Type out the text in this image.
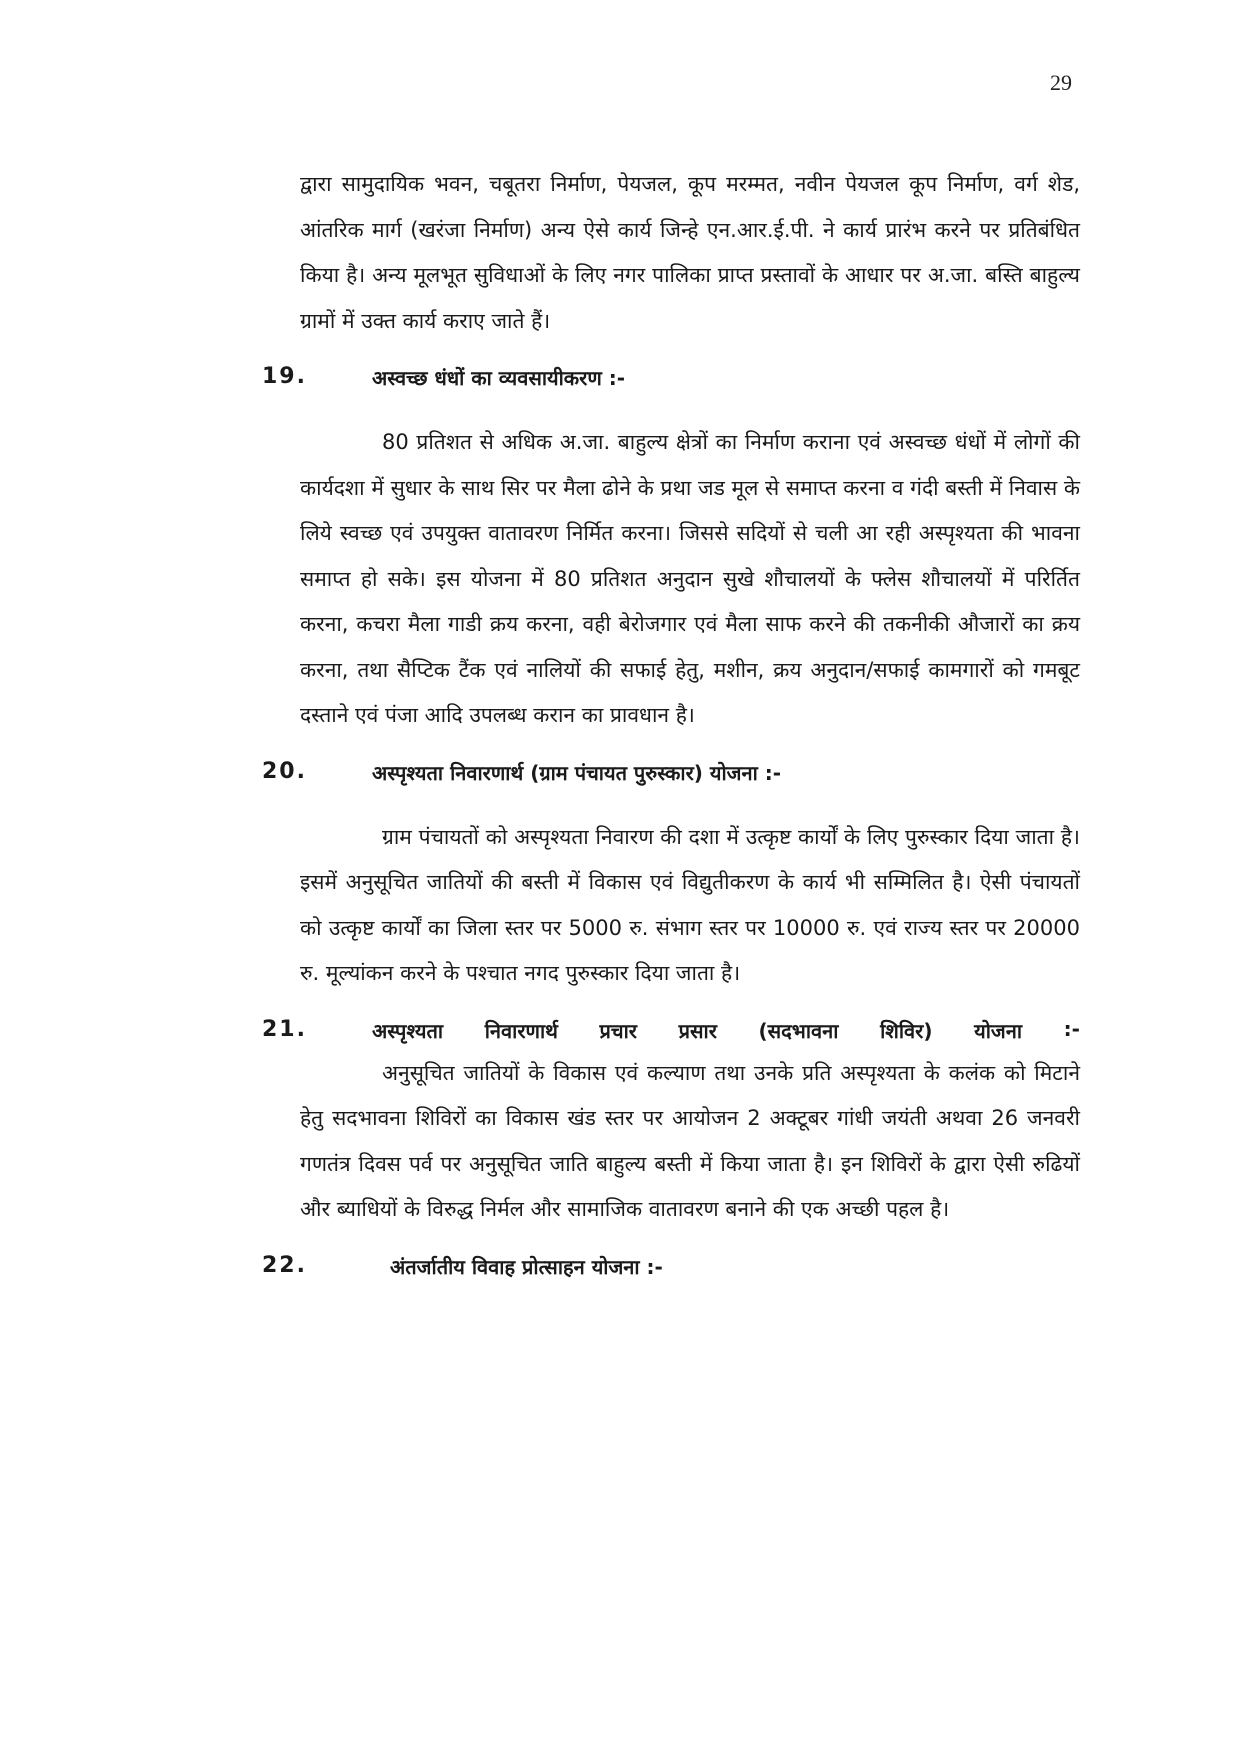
29

द्वारा सामुदायिक भवन, चबूतरा निर्माण, पेयजल, कूप मरम्मत, नवीन पेयजल कूप निर्माण, वर्ग शेड, आंतरिक मार्ग (खरंजा निर्माण) अन्य ऐसे कार्य जिन्हे एन.आर.ई.पी. ने कार्य प्रारंभ करने पर प्रतिबंधित किया है। अन्य मूलभूत सुविधाओं के लिए नगर पालिका प्राप्त प्रस्तावों के आधार पर अ.जा. बस्ति बाहुल्य ग्रामों में उक्त कार्य कराए जाते हैं।

19.	अस्वच्छ धंधों का व्यवसायीकरण :-

80 प्रतिशत से अधिक अ.जा. बाहुल्य क्षेत्रों का निर्माण कराना एवं अस्वच्छ धंधों में लोगों की कार्यदशा में सुधार के साथ सिर पर मैला ढोने के प्रथा जड मूल से समाप्त करना व गंदी बस्ती में निवास के लिये स्वच्छ एवं उपयुक्त वातावरण निर्मित करना। जिससे सदियों से चली आ रही अस्पृश्यता की भावना समाप्त हो सके। इस योजना में 80 प्रतिशत अनुदान सुखे शौचालयों के फ्लेस शौचालयों में परिर्तित करना, कचरा मैला गाडी क्रय करना, वही बेरोजगार एवं मैला साफ करने की तकनीकी औजारों का क्रय करना, तथा सैप्टिक टैंक एवं नालियों की सफाई हेतु, मशीन, क्रय अनुदान/सफाई कामगारों को गमबूट दस्ताने एवं पंजा आदि उपलब्ध करान का प्रावधान है।

20.	अस्पृश्यता निवारणार्थ (ग्राम पंचायत पुरुस्कार) योजना :-

ग्राम पंचायतों को अस्पृश्यता निवारण की दशा में उत्कृष्ट कार्यों के लिए पुरुस्कार दिया जाता है। इसमें अनुसूचित जातियों की बस्ती में विकास एवं विद्युतीकरण के कार्य भी सम्मिलित है। ऐसी पंचायतों को उत्कृष्ट कार्यों का जिला स्तर पर 5000 रु. संभाग स्तर पर 10000 रु. एवं राज्य स्तर पर 20000 रु. मूल्यांकन करने के पश्चात नगद पुरुस्कार दिया जाता है।

21.	अस्पृश्यता निवारणार्थ प्रचार प्रसार (सदभावना शिविर) योजना :-

अनुसूचित जातियों के विकास एवं कल्याण तथा उनके प्रति अस्पृश्यता के कलंक को मिटाने हेतु सदभावना शिविरों का विकास खंड स्तर पर आयोजन 2 अक्टूबर गांधी जयंती अथवा 26 जनवरी गणतंत्र दिवस पर्व पर अनुसूचित जाति बाहुल्य बस्ती में किया जाता है। इन शिविरों के द्वारा ऐसी रुढियों और ब्याधियों के विरुद्ध निर्मल और सामाजिक वातावरण बनाने की एक अच्छी पहल है।

22.	अंतर्जातीय विवाह प्रोत्साहन योजना :-
